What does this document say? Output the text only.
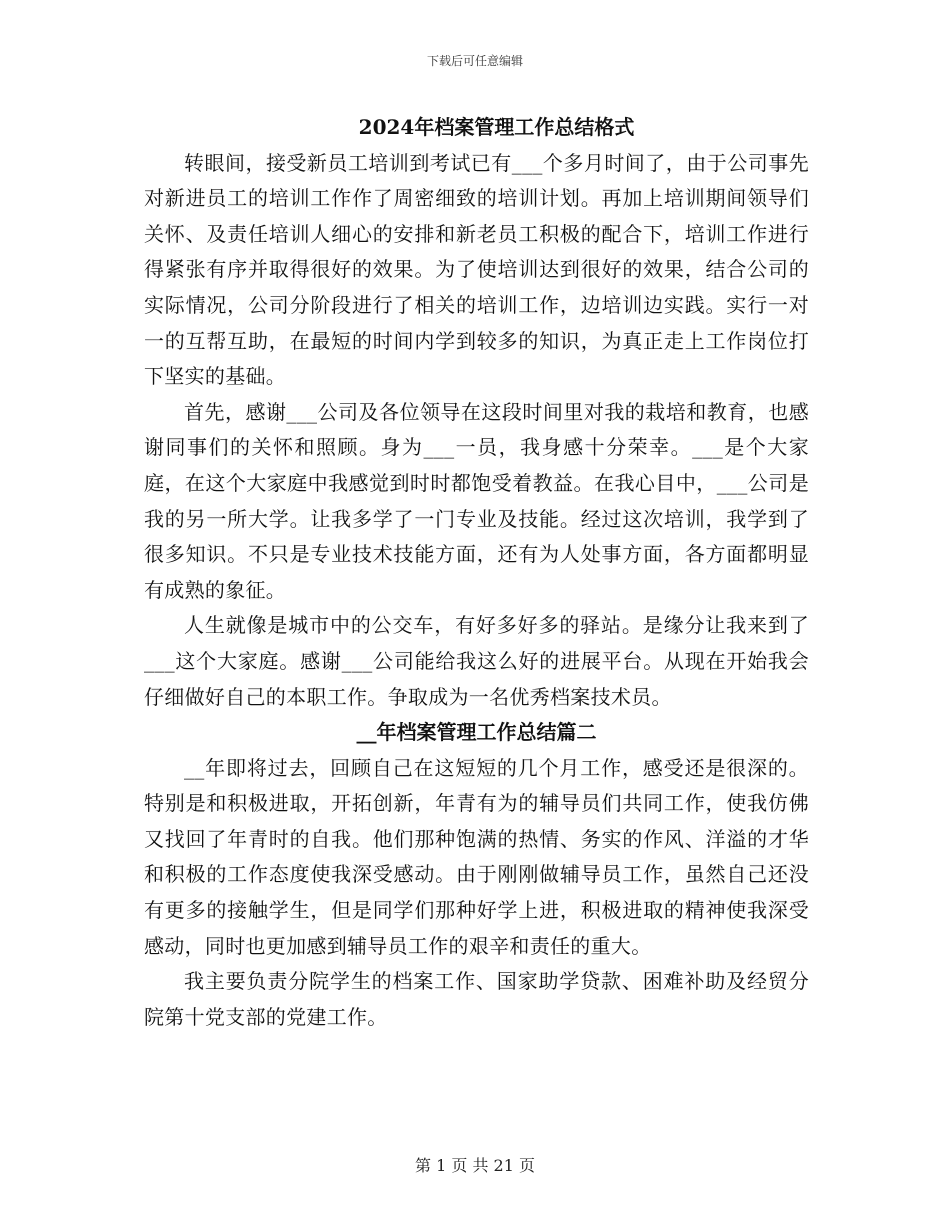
下载后可任意编辑
2024年档案管理工作总结格式

转眼间，接受新员工培训到考试已有___个多月时间了，由于公司事先对新进员工的培训工作作了周密细致的培训计划。再加上培训期间领导们关怀、及责任培训人细心的安排和新老员工积极的配合下，培训工作进行得紧张有序并取得很好的效果。为了使培训达到很好的效果，结合公司的实际情况，公司分阶段进行了相关的培训工作，边培训边实践。实行一对一的互帮互助，在最短的时间内学到较多的知识，为真正走上工作岗位打下坚实的基础。

首先，感谢___公司及各位领导在这段时间里对我的栽培和教育，也感谢同事们的关怀和照顾。身为___一员，我身感十分荣幸。___是个大家庭，在这个大家庭中我感觉到时时都饱受着教益。在我心目中，___公司是我的另一所大学。让我多学了一门专业及技能。经过这次培训，我学到了很多知识。不只是专业技术技能方面，还有为人处事方面，各方面都明显有成熟的象征。

人生就像是城市中的公交车，有好多好多的驿站。是缘分让我来到了___这个大家庭。感谢___公司能给我这么好的进展平台。从现在开始我会仔细做好自己的本职工作。争取成为一名优秀档案技术员。

__年档案管理工作总结篇二

__年即将过去，回顾自己在这短短的几个月工作，感受还是很深的。特别是和积极进取，开拓创新，年青有为的辅导员们共同工作，使我仿佛又找回了年青时的自我。他们那种饱满的热情、务实的作风、洋溢的才华和积极的工作态度使我深受感动。由于刚刚做辅导员工作，虽然自己还没有更多的接触学生，但是同学们那种好学上进，积极进取的精神使我深受感动，同时也更加感到辅导员工作的艰辛和责任的重大。

我主要负责分院学生的档案工作、国家助学贷款、困难补助及经贸分院第十党支部的党建工作。

第 1 页 共 21 页
